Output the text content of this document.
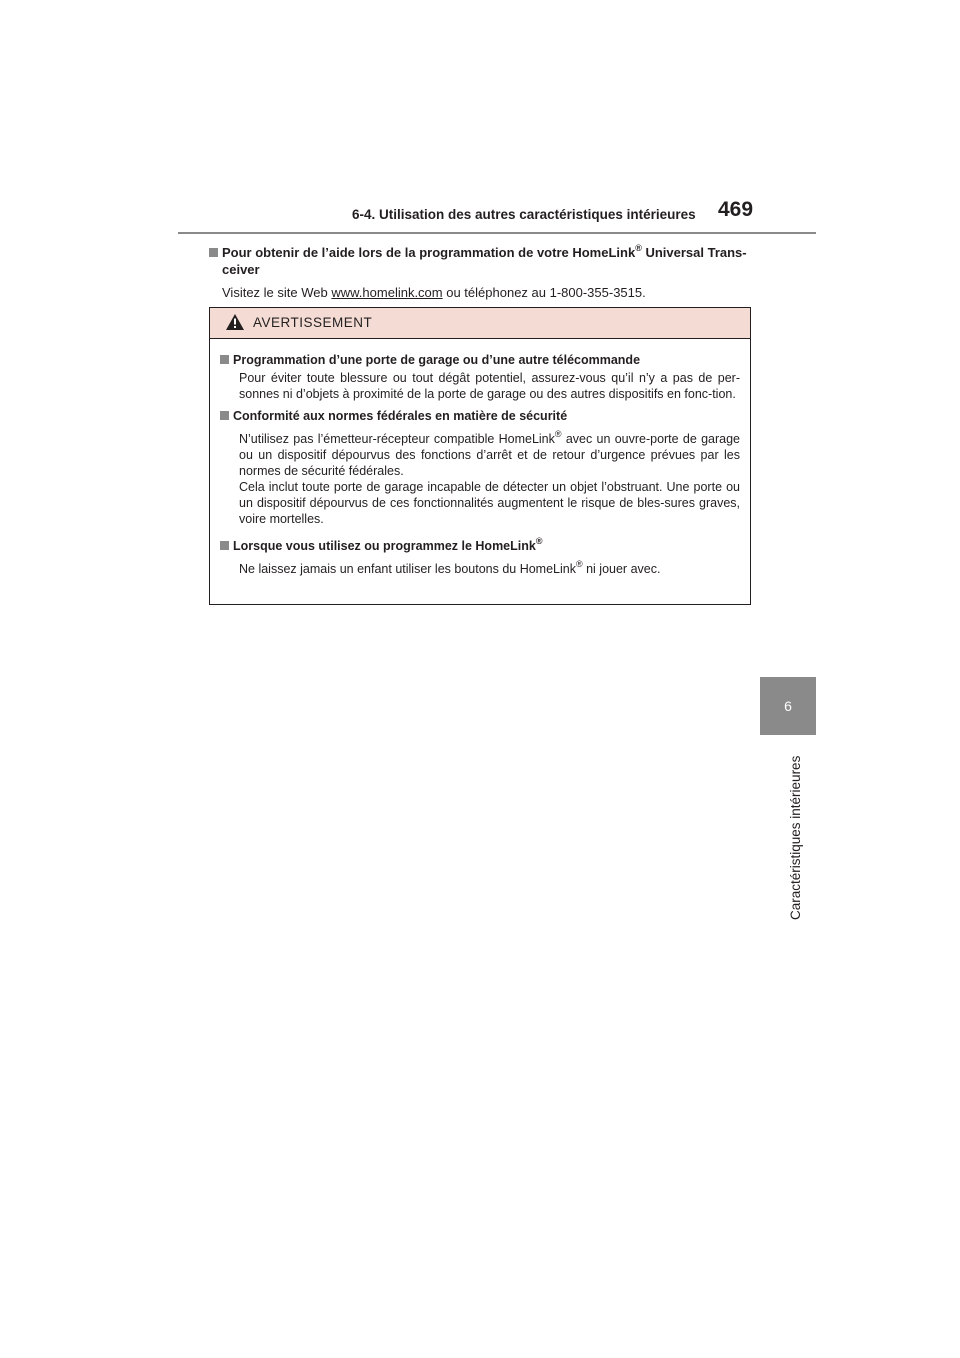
6-4. Utilisation des autres caractéristiques intérieures 469
6
Caractéristiques intérieures

Pour obtenir de l’aide lors de la programmation de votre HomeLink® Universal Trans-ceiver

Visitez le site Web www.homelink.com ou téléphonez au 1-800-355-3515.

AVERTISSEMENT

Programmation d’une porte de garage ou d’une autre télécommande

Pour éviter toute blessure ou tout dégât potentiel, assurez-vous qu’il n’y a pas de per-sonnes ni d’objets à proximité de la porte de garage ou des autres dispositifs en fonc-tion.

Conformité aux normes fédérales en matière de sécurité

N’utilisez pas l’émetteur-récepteur compatible HomeLink® avec un ouvre-porte de garage ou un dispositif dépourvus des fonctions d’arrêt et de retour d’urgence prévues par les normes de sécurité fédérales.
Cela inclut toute porte de garage incapable de détecter un objet l’obstruant. Une porte ou un dispositif dépourvus de ces fonctionnalités augmentent le risque de bles-sures graves, voire mortelles.

Lorsque vous utilisez ou programmez le HomeLink®

Ne laissez jamais un enfant utiliser les boutons du HomeLink® ni jouer avec.
